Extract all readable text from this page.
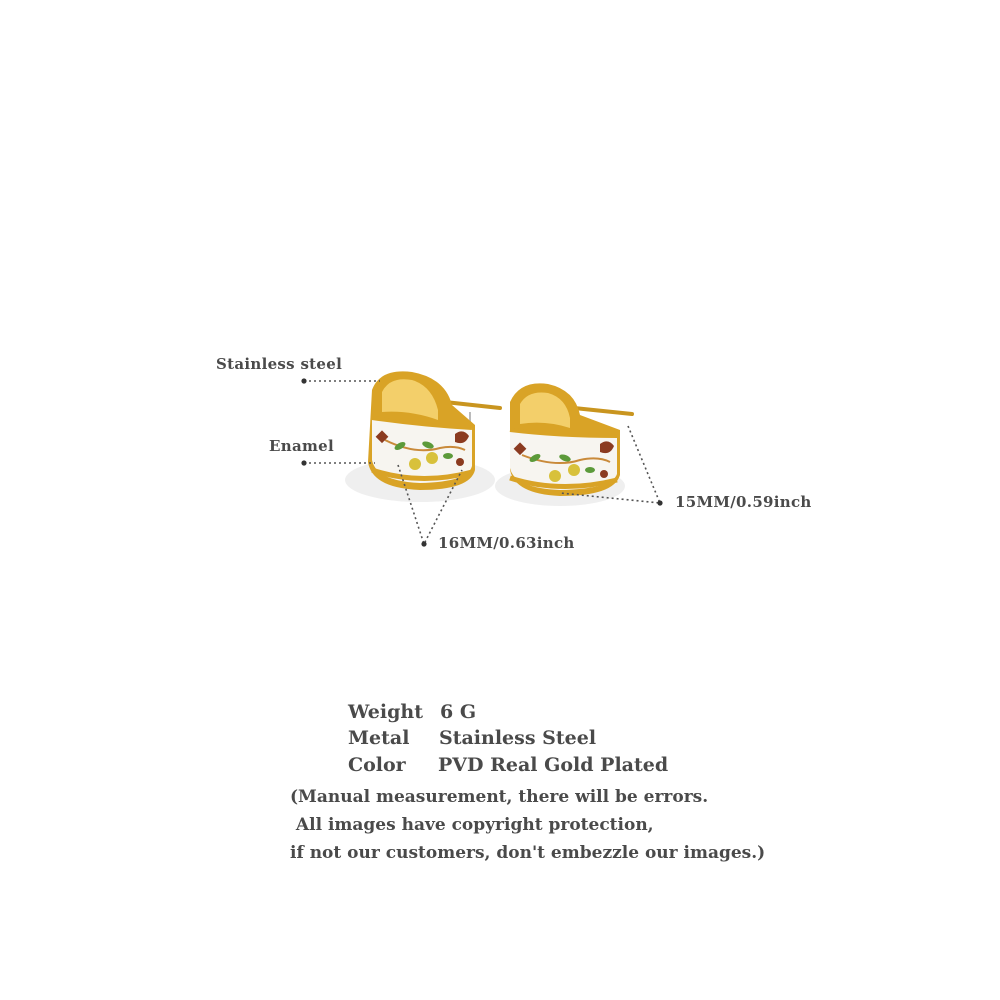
Stainless steel
Enamel
15MM/0.59inch
16MM/0.63inch
Weight 6 G
Metal Stainless Steel
Color PVD Real Gold Plated
(Manual measurement, there will be errors.
All images have copyright protection,
if not our customers, don't embezzle our images.)
